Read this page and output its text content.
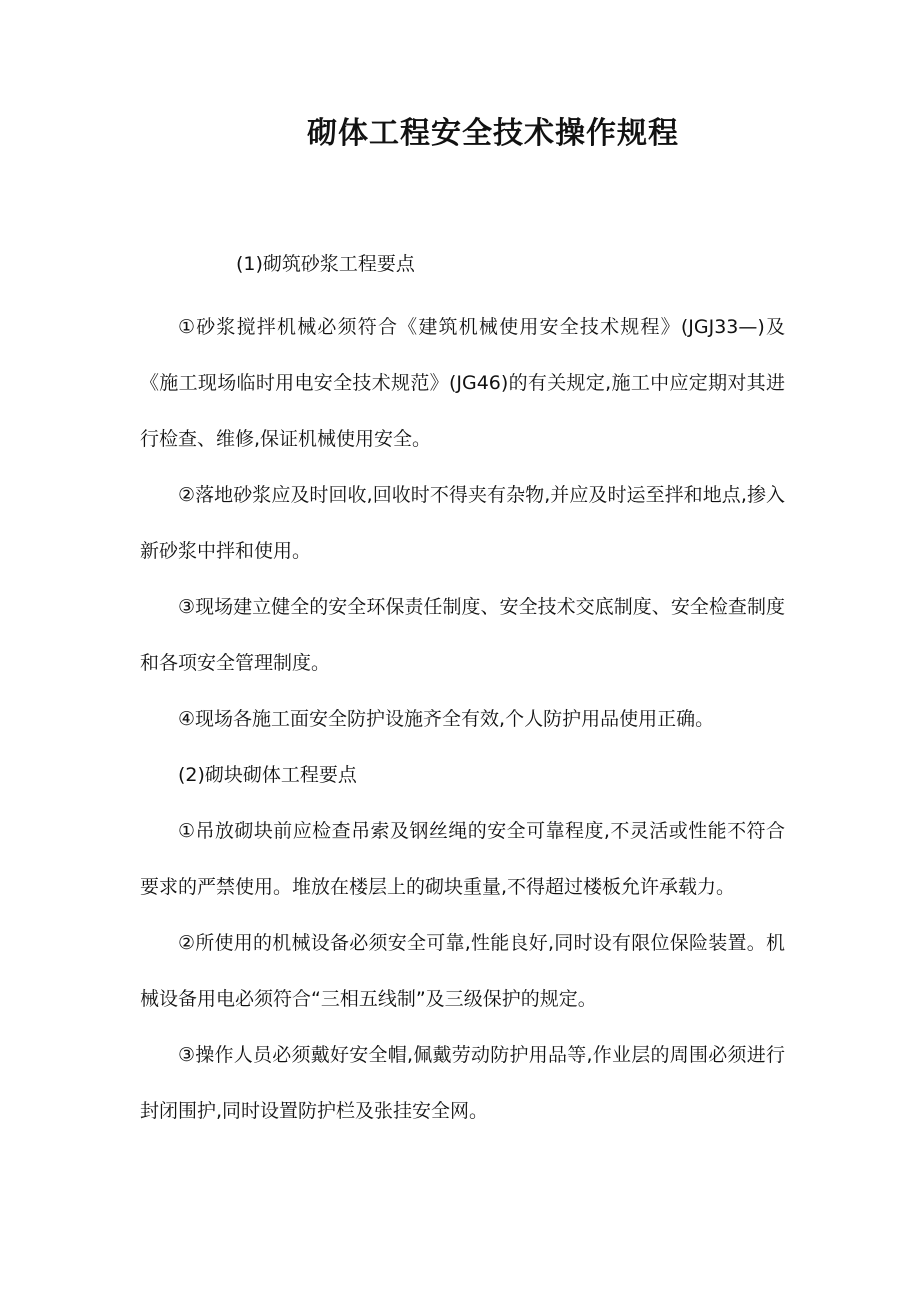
砌体工程安全技术操作规程

(1)砌筑砂浆工程要点

①砂浆搅拌机械必须符合《建筑机械使用安全技术规程》(JGJ33—)及《施工现场临时用电安全技术规范》(JG46)的有关规定,施工中应定期对其进行检查、维修,保证机械使用安全。

②落地砂浆应及时回收,回收时不得夹有杂物,并应及时运至拌和地点,掺入新砂浆中拌和使用。

③现场建立健全的安全环保责任制度、安全技术交底制度、安全检查制度和各项安全管理制度。

④现场各施工面安全防护设施齐全有效,个人防护用品使用正确。

(2)砌块砌体工程要点

①吊放砌块前应检查吊索及钢丝绳的安全可靠程度,不灵活或性能不符合要求的严禁使用。堆放在楼层上的砌块重量,不得超过楼板允许承载力。

②所使用的机械设备必须安全可靠,性能良好,同时设有限位保险装置。机械设备用电必须符合“三相五线制”及三级保护的规定。

③操作人员必须戴好安全帽,佩戴劳动防护用品等,作业层的周围必须进行封闭围护,同时设置防护栏及张挂安全网。
